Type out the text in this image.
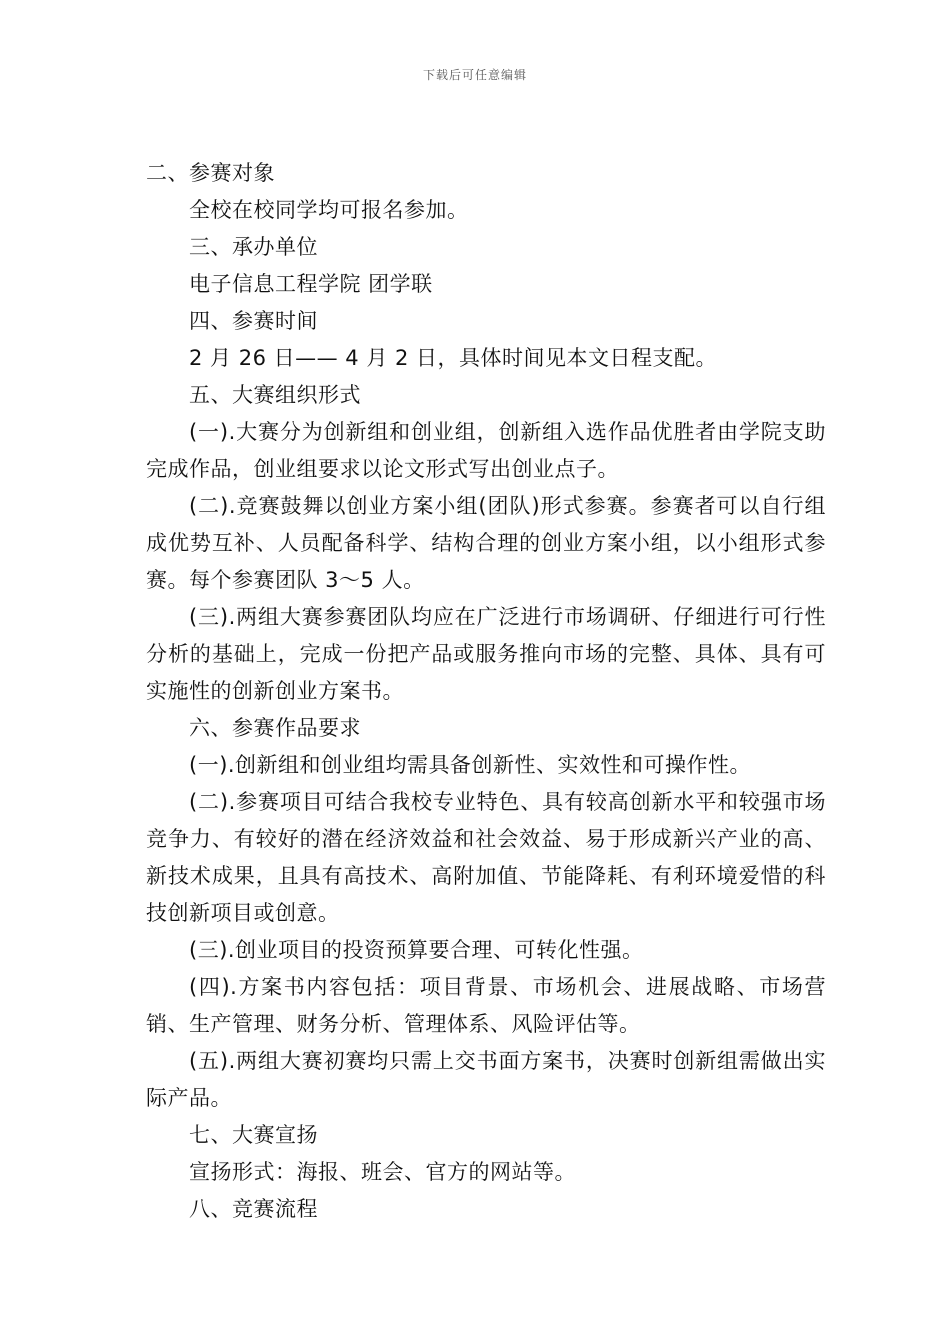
下载后可任意编辑

二、参赛对象

全校在校同学均可报名参加。

三、承办单位

电子信息工程学院 团学联

四、参赛时间

2 月 26 日—— 4 月 2 日，具体时间见本文日程支配。

五、大赛组织形式

(一).大赛分为创新组和创业组，创新组入选作品优胜者由学院支助完成作品，创业组要求以论文形式写出创业点子。

(二).竞赛鼓舞以创业方案小组(团队)形式参赛。参赛者可以自行组成优势互补、人员配备科学、结构合理的创业方案小组，以小组形式参赛。每个参赛团队 3～5 人。

(三).两组大赛参赛团队均应在广泛进行市场调研、仔细进行可行性分析的基础上，完成一份把产品或服务推向市场的完整、具体、具有可实施性的创新创业方案书。

六、参赛作品要求

(一).创新组和创业组均需具备创新性、实效性和可操作性。

(二).参赛项目可结合我校专业特色、具有较高创新水平和较强市场竞争力、有较好的潜在经济效益和社会效益、易于形成新兴产业的高、新技术成果，且具有高技术、高附加值、节能降耗、有利环境爱惜的科技创新项目或创意。

(三).创业项目的投资预算要合理、可转化性强。

(四).方案书内容包括：项目背景、市场机会、进展战略、市场营销、生产管理、财务分析、管理体系、风险评估等。

(五).两组大赛初赛均只需上交书面方案书，决赛时创新组需做出实际产品。

七、大赛宣扬

宣扬形式：海报、班会、官方的网站等。

八、竞赛流程
